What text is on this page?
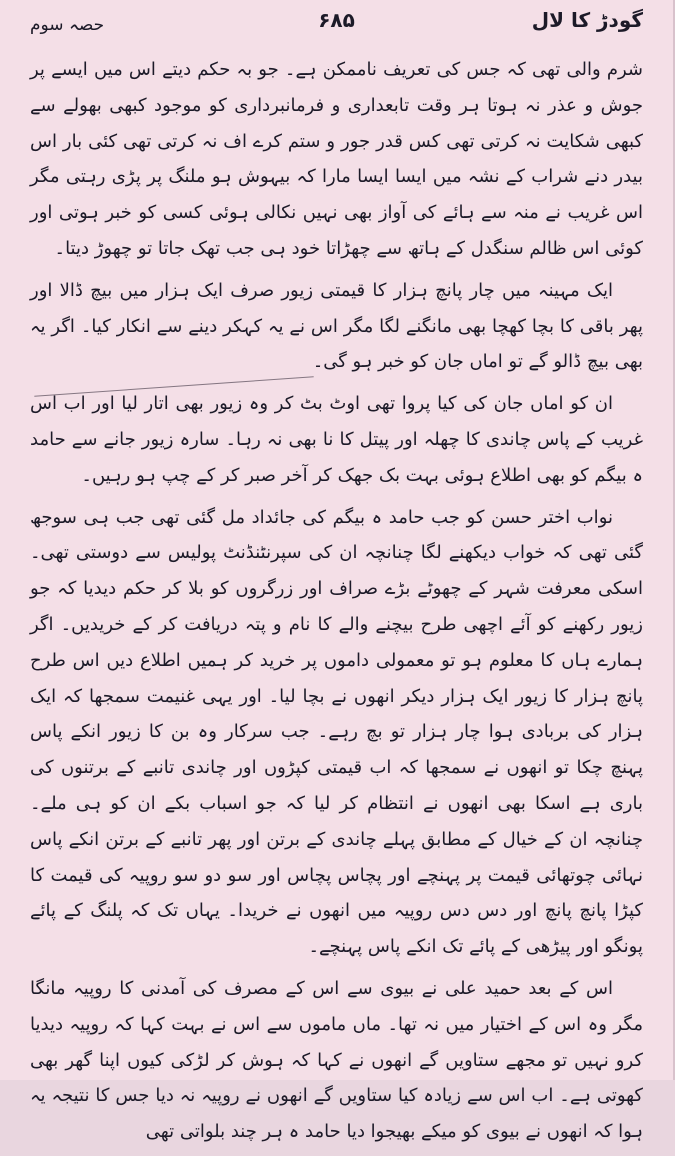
گودڑ کا لال
۶۸۵
حصہ سوم

شرم والی تھی کہ جس کی تعریف ناممکن ہے۔ جو بہ حکم دیتے اس میں ایسے پر جوش و عذر نہ ہوتا ہر وقت تابعداری و فرمانبرداری کو موجود کبھی بھولے سے کبھی شکایت نہ کرتی تھی کس قدر جور و ستم کرے اف نہ کرتی تھی کئی بار اس بیدر دنے شراب کے نشہ میں ایسا ایسا مارا کہ بیہوش ہو ملنگ پر پڑی رہتی مگر اس غریب نے منہ سے ہائے کی آواز بھی نہیں نکالی ہوئی کسی کو خبر ہوتی اور کوئی اس ظالم سنگدل کے ہاتھ سے چھڑاتا خود ہی جب تھک جاتا تو چھوڑ دیتا۔

ایک مہینہ میں چار پانچ ہزار کا قیمتی زیور صرف ایک ہزار میں بیچ ڈالا اور پھر باقی کا بچا کھچا بھی مانگنے لگا مگر اس نے یہ کہکر دینے سے انکار کیا۔ اگر یہ بھی بیچ ڈالو گے تو اماں جان کو خبر ہو گی۔

ان کو اماں جان کی کیا پروا تھی اوٹ بٹ کر وہ زیور بھی اتار لیا اور اب اس غریب کے پاس چاندی کا چھلہ اور پیتل کا نا بھی نہ رہا۔ سارہ زیور جانے سے حامد ہ بیگم کو بھی اطلاع ہوئی بہت بک جھک کر آخر صبر کر کے چپ ہو رہیں۔

نواب اختر حسن کو جب حامد ہ بیگم کی جائداد مل گئی تھی جب ہی سوجھ گئی تھی کہ خواب دیکھنے لگا چنانچہ ان کی سپرنٹنڈنٹ پولیس سے دوستی تھی۔ اسکی معرفت شہر کے چھوٹے بڑے صراف اور زرگروں کو بلا کر حکم دیدیا کہ جو زیور رکھنے کو آئے اچھی طرح بیچنے والے کا نام و پتہ دریافت کر کے خریدیں۔ اگر ہمارے ہاں کا معلوم ہو تو معمولی داموں پر خرید کر ہمیں اطلاع دیں اس طرح پانچ ہزار کا زیور ایک ہزار دیکر انھوں نے بچا لیا۔ اور یہی غنیمت سمجھا کہ ایک ہزار کی بربادی ہوا چار ہزار تو بچ رہے۔ جب سرکار وہ بن کا زیور انکے پاس پہنچ چکا تو انھوں نے سمجھا کہ اب قیمتی کپڑوں اور چاندی تانبے کے برتنوں کی باری ہے اسکا بھی انھوں نے انتظام کر لیا کہ جو اسباب بکے ان کو ہی ملے۔ چنانچہ ان کے خیال کے مطابق پہلے چاندی کے برتن اور پھر تانبے کے برتن انکے پاس نہائی چوتھائی قیمت پر پہنچے اور پچاس پچاس اور سو دو سو روپیہ کی قیمت کا کپڑا پانچ پانچ اور دس دس روپیہ میں انھوں نے خریدا۔ یہاں تک کہ پلنگ کے پائے پونگو اور پیڑھی کے پائے تک انکے پاس پہنچے۔

اس کے بعد حمید علی نے بیوی سے اس کے مصرف کی آمدنی کا روپیہ مانگا مگر وہ اس کے اختیار میں نہ تھا۔ ماں ماموں سے اس نے بہت کہا کہ روپیہ دیدیا کرو نہیں تو مجھے ستاویں گے انھوں نے کہا کہ ہوش کر لڑکی کیوں اپنا گھر بھی کھوتی ہے۔ اب اس سے زیادہ کیا ستاویں گے انھوں نے روپیہ نہ دیا جس کا نتیجہ یہ ہوا کہ انھوں نے بیوی کو میکے بھیجوا دیا حامد ہ ہر چند بلواتی تھی
